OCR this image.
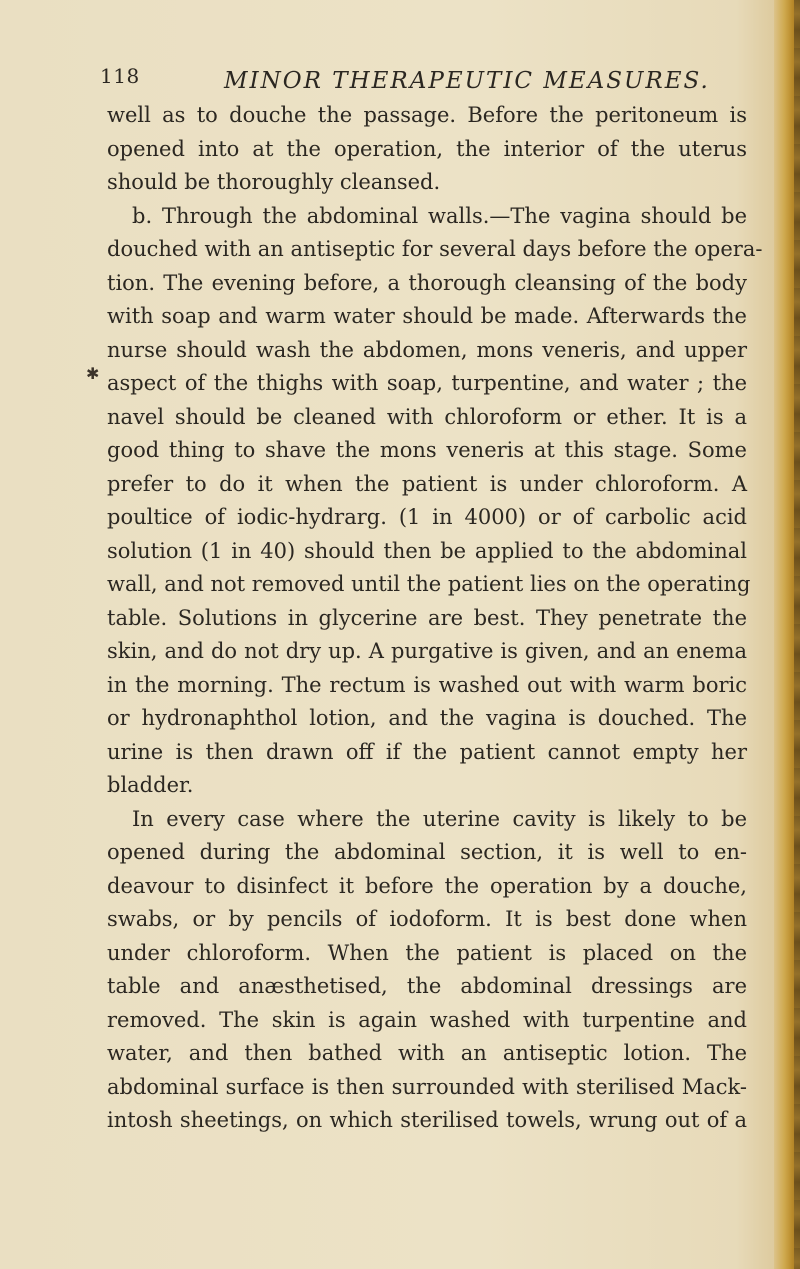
118	MINOR THERAPEUTIC MEASURES.
✱
well as to douche the passage. Before the peritoneum is
opened into at the operation, the interior of the uterus
should be thoroughly cleansed.
b. Through the abdominal walls.—The vagina should be
douched with an antiseptic for several days before the opera-
tion. The evening before, a thorough cleansing of the body
with soap and warm water should be made. Afterwards the
nurse should wash the abdomen, mons veneris, and upper
aspect of the thighs with soap, turpentine, and water ; the
navel should be cleaned with chloroform or ether. It is a
good thing to shave the mons veneris at this stage. Some
prefer to do it when the patient is under chloroform. A
poultice of iodic-hydrarg. (1 in 4000) or of carbolic acid
solution (1 in 40) should then be applied to the abdominal
wall, and not removed until the patient lies on the operating
table. Solutions in glycerine are best. They penetrate the
skin, and do not dry up. A purgative is given, and an enema
in the morning. The rectum is washed out with warm boric
or hydronaphthol lotion, and the vagina is douched. The
urine is then drawn off if the patient cannot empty her
bladder.
In every case where the uterine cavity is likely to be
opened during the abdominal section, it is well to en-
deavour to disinfect it before the operation by a douche,
swabs, or by pencils of iodoform. It is best done when
under chloroform. When the patient is placed on the
table and anæsthetised, the abdominal dressings are
removed. The skin is again washed with turpentine and
water, and then bathed with an antiseptic lotion. The
abdominal surface is then surrounded with sterilised Mack-
intosh sheetings, on which sterilised towels, wrung out of a
